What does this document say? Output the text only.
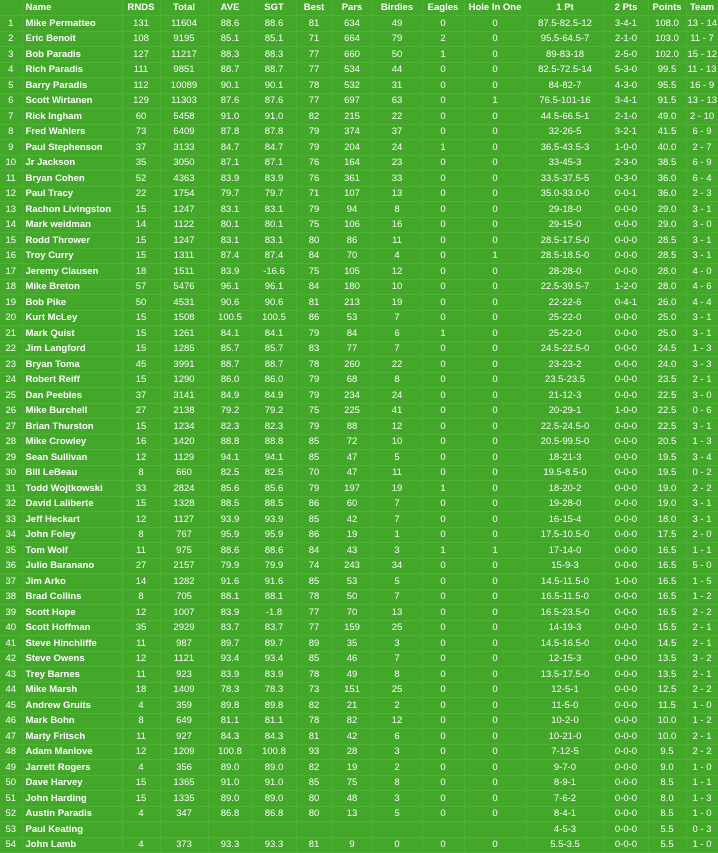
	Name	RNDS	Total	AVE	SGT	Best	Pars	Birdies	Eagles	Hole In One	1 Pt	2 Pts	Points	Team
1	Mike Permatteo	131	11604	88.6	88.6	81	634	49	0	0	87.5-82.5-12	3-4-1	108.0	13 - 14
2	Eric Benoit	108	9195	85.1	85.1	71	664	79	2	0	95.5-64.5-7	2-1-0	103.0	11 - 7
3	Bob Paradis	127	11217	88.3	88.3	77	660	50	1	0	89-83-18	2-5-0	102.0	15 - 12
4	Rich Paradis	111	9851	88.7	88.7	77	534	44	0	0	82.5-72.5-14	5-3-0	99.5	11 - 13
5	Barry Paradis	112	10089	90.1	90.1	78	532	31	0	0	84-82-7	4-3-0	95.5	16 - 9
6	Scott Wirtanen	129	11303	87.6	87.6	77	697	63	0	1	76.5-101-16	3-4-1	91.5	13 - 13
7	Rick Ingham	60	5458	91.0	91.0	82	215	22	0	0	44.5-66.5-1	2-1-0	49.0	2 - 10
8	Fred Wahlers	73	6409	87.8	87.8	79	374	37	0	0	32-26-5	3-2-1	41.5	6 - 9
9	Paul Stephenson	37	3133	84.7	84.7	79	204	24	1	0	36.5-43.5-3	1-0-0	40.0	2 - 7
10	Jr Jackson	35	3050	87.1	87.1	76	164	23	0	0	33-45-3	2-3-0	38.5	6 - 9
11	Bryan Cohen	52	4363	83.9	83.9	76	361	33	0	0	33.5-37.5-5	0-3-0	36.0	6 - 4
12	Paul Tracy	22	1754	79.7	79.7	71	107	13	0	0	35.0-33.0-0	0-0-1	36.0	2 - 3
13	Rachon Livingston	15	1247	83.1	83.1	79	94	8	0	0	29-18-0	0-0-0	29.0	3 - 1
14	Mark weidman	14	1122	80.1	80.1	75	106	16	0	0	29-15-0	0-0-0	29.0	3 - 0
15	Rodd Thrower	15	1247	83.1	83.1	80	86	11	0	0	28.5-17.5-0	0-0-0	28.5	3 - 1
16	Troy Curry	15	1311	87.4	87.4	84	70	4	0	1	28.5-18.5-0	0-0-0	28.5	3 - 1
17	Jeremy Clausen	18	1511	83.9	-16.6	75	105	12	0	0	28-28-0	0-0-0	28.0	4 - 0
18	Mike Breton	57	5476	96.1	96.1	84	180	10	0	0	22.5-39.5-7	1-2-0	28.0	4 - 6
19	Bob Pike	50	4531	90.6	90.6	81	213	19	0	0	22-22-6	0-4-1	26.0	4 - 4
20	Kurt McLey	15	1508	100.5	100.5	86	53	7	0	0	25-22-0	0-0-0	25.0	3 - 1
21	Mark Quist	15	1261	84.1	84.1	79	84	6	1	0	25-22-0	0-0-0	25.0	3 - 1
22	Jim Langford	15	1285	85.7	85.7	83	77	7	0	0	24.5-22.5-0	0-0-0	24.5	1 - 3
23	Bryan Toma	45	3991	88.7	88.7	78	260	22	0	0	23-23-2	0-0-0	24.0	3 - 3
24	Robert Reiff	15	1290	86.0	86.0	79	68	8	0	0	23.5-23.5	0-0-0	23.5	2 - 1
25	Dan Peebles	37	3141	84.9	84.9	79	234	24	0	0	21-12-3	0-0-0	22.5	3 - 0
26	Mike Burchell	27	2138	79.2	79.2	75	225	41	0	0	20-29-1	1-0-0	22.5	0 - 6
27	Brian Thurston	15	1234	82.3	82.3	79	88	12	0	0	22.5-24.5-0	0-0-0	22.5	3 - 1
28	Mike Crowley	16	1420	88.8	88.8	85	72	10	0	0	20.5-99.5-0	0-0-0	20.5	1 - 3
29	Sean Sullivan	12	1129	94.1	94.1	85	47	5	0	0	18-21-3	0-0-0	19.5	3 - 4
30	Bill LeBeau	8	660	82.5	82.5	70	47	11	0	0	19.5-8.5-0	0-0-0	19.5	0 - 2
31	Todd Wojtkowski	33	2824	85.6	85.6	79	197	19	1	0	18-20-2	0-0-0	19.0	2 - 2
32	David Laliberte	15	1328	88.5	88.5	86	60	7	0	0	19-28-0	0-0-0	19.0	3 - 1
33	Jeff Heckart	12	1127	93.9	93.9	85	42	7	0	0	16-15-4	0-0-0	18.0	3 - 1
34	John Foley	8	767	95.9	95.9	86	19	1	0	0	17.5-10.5-0	0-0-0	17.5	2 - 0
35	Tom Wolf	11	975	88.6	88.6	84	43	3	1	1	17-14-0	0-0-0	16.5	1 - 1
36	Julio Baranano	27	2157	79.9	79.9	74	243	34	0	0	15-9-3	0-0-0	16.5	5 - 0
37	Jim Arko	14	1282	91.6	91.6	85	53	5	0	0	14.5-11.5-0	1-0-0	16.5	1 - 5
38	Brad Collins	8	705	88.1	88.1	78	50	7	0	0	16.5-11.5-0	0-0-0	16.5	1 - 2
39	Scott Hope	12	1007	83.9	-1.8	77	70	13	0	0	16.5-23.5-0	0-0-0	16.5	2 - 2
40	Scott Hoffman	35	2929	83.7	83.7	77	159	25	0	0	14-19-3	0-0-0	15.5	2 - 1
41	Steve Hinchliffe	11	987	89.7	89.7	89	35	3	0	0	14.5-16.5-0	0-0-0	14.5	2 - 1
42	Steve Owens	12	1121	93.4	93.4	85	46	7	0	0	12-15-3	0-0-0	13.5	3 - 2
43	Trey Barnes	11	923	83.9	83.9	78	49	8	0	0	13.5-17.5-0	0-0-0	13.5	2 - 1
44	Mike Marsh	18	1409	78.3	78.3	73	151	25	0	0	12-5-1	0-0-0	12.5	2 - 2
45	Andrew Gruits	4	359	89.8	89.8	82	21	2	0	0	11-5-0	0-0-0	11.5	1 - 0
46	Mark Bohn	8	649	81.1	81.1	78	82	12	0	0	10-2-0	0-0-0	10.0	1 - 2
47	Marty Fritsch	11	927	84.3	84.3	81	42	6	0	0	10-21-0	0-0-0	10.0	2 - 1
48	Adam Manlove	12	1209	100.8	100.8	93	28	3	0	0	7-12-5	0-0-0	9.5	2 - 2
49	Jarrett Rogers	4	356	89.0	89.0	82	19	2	0	0	9-7-0	0-0-0	9.0	1 - 0
50	Dave Harvey	15	1365	91.0	91.0	85	75	8	0	0	8-9-1	0-0-0	8.5	1 - 1
51	John Harding	15	1335	89.0	89.0	80	48	3	0	0	7-6-2	0-0-0	8.0	1 - 3
52	Austin Paradis	4	347	86.8	86.8	80	13	5	0	0	8-4-1	0-0-0	8.5	1 - 0
53	Paul Keating										4-5-3	0-0-0	5.5	0 - 3
54	John Lamb	4	373	93.3	93.3	81	9	0	0	0	5.5-3.5	0-0-0	5.5	1 - 0
